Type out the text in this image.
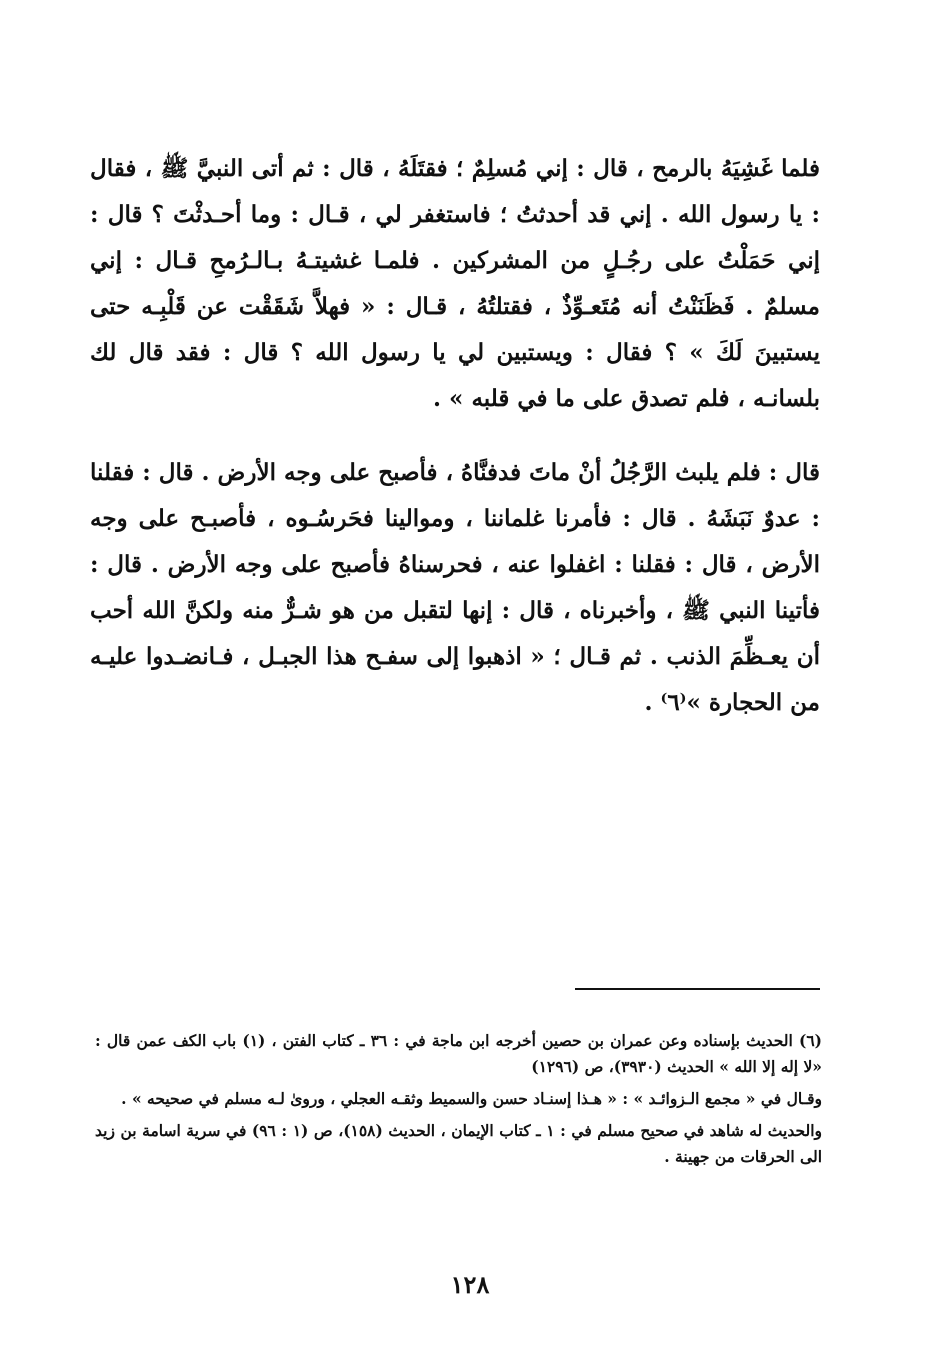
فلما غَشِيَهُ بالرمح ، قال : إني مُسلِمٌ ؛ فقتَلَهُ ، قال : ثم أتى النبيَّ ﷺ ، فقال : يا رسول الله . إني قد أحدثتُ ؛ فاستغفر لي ، قـال : وما أحـدثْتَ ؟ قال : إني حَمَلْتُ على رجُـلٍ من المشركين . فلمـا غشيتـهُ بـالـرُمحِ قـال : إني مسلمٌ . فَظَنَنْتُ أنه مُتَعـوِّذٌ ، فقتلتُهُ ، قـال : « فهلاَّ شَقَقْت عن قَلْبِـه حتى يستبينَ لَكَ » ؟ فقال : ويستبين لي يا رسول الله ؟ قال : فقد قال لك بلسانـه ، فلم تصدق على ما في قلبه » .

قال : فلم يلبث الرَّجُلُ أنْ ماتَ فدفنَّاهُ ، فأصبح على وجه الأرض . قال : فقلنا : عدوٌ نَبَشَهُ . قال : فأمرنا غلماننا ، وموالينا فحَرسُـوه ، فأصبـح على وجه الأرض ، قال : فقلنا : اغفلوا عنه ، فحرسناهُ فأصبح على وجه الأرض . قال : فأتينا النبي ﷺ ، وأخبرناه ، قال : إنها لتقبل من هو شـرٌّ منه ولكنَّ الله أحب أن يعـظِّمَ الذنب . ثم قـال ؛ « اذهبوا إلى سفـح هذا الجبـل ، فـانضـدوا عليـه من الحجارة »⁽٦⁾ .

(٦) الحديث بإسناده وعن عمران بن حصين أخرجه ابن ماجة في : ٣٦ ـ كتاب الفتن ، (١) باب الكف عمن قال : «لا إله إلا الله » الحديث (٣٩٣٠)، ص (١٢٩٦)

وقـال في « مجمع الـزوائـد » : « هـذا إسنـاد حسن والسميط وثقـه العجلي ، وروىٰ لـه مسلم في صحيحه » .

والحديث له شاهد في صحيح مسلم في : ١ ـ كتاب الإيمان ، الحديث (١٥٨)، ص (١ : ٩٦) في سرية اسامة بن زيد الى الحرقات من جهينة .

١٢٨
